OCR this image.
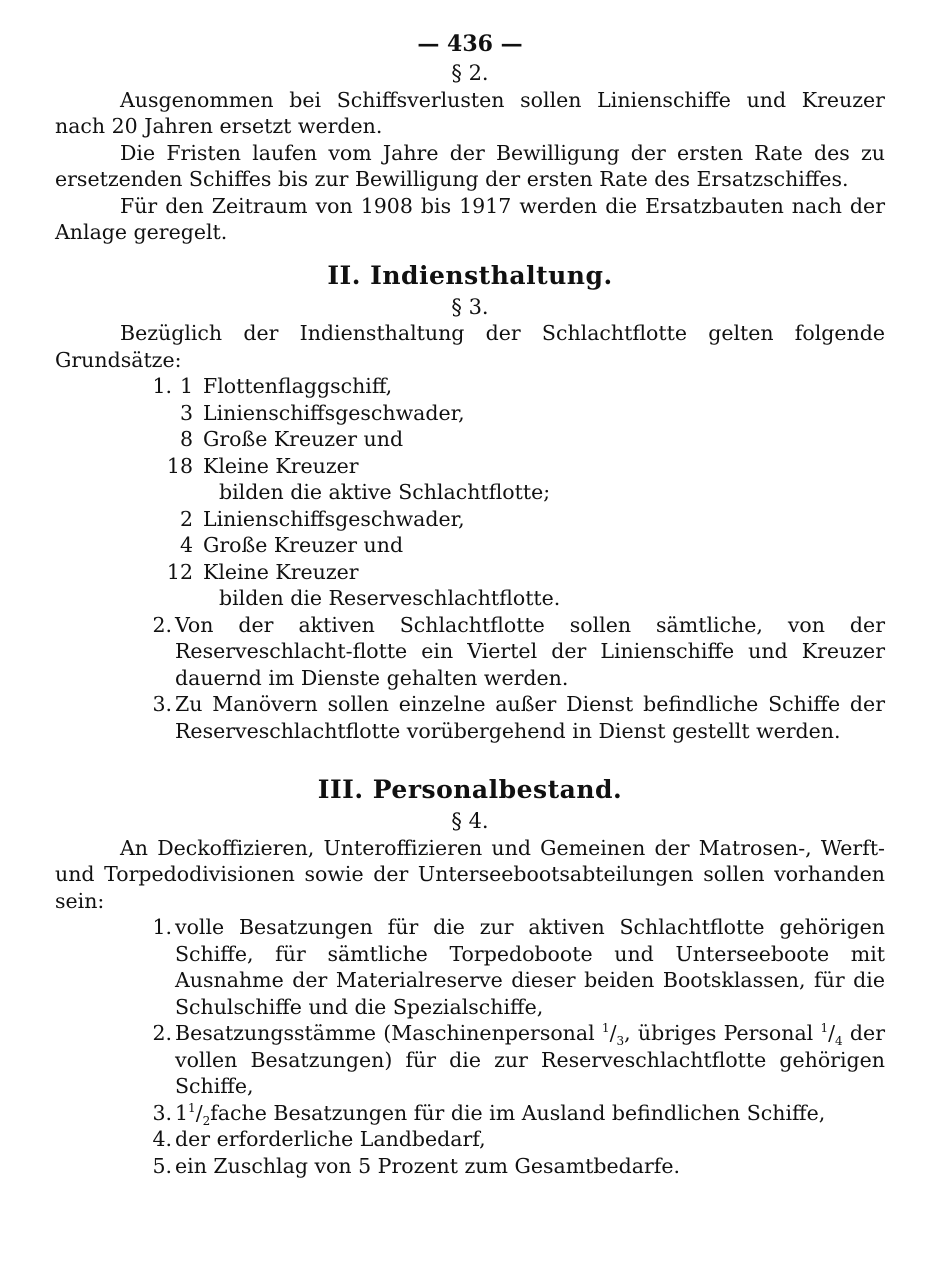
— 436 —
§ 2.
Ausgenommen bei Schiffsverlusten sollen Linienschiffe und Kreuzer nach 20 Jahren ersetzt werden.
Die Fristen laufen vom Jahre der Bewilligung der ersten Rate des zu ersetzenden Schiffes bis zur Bewilligung der ersten Rate des Ersatzschiffes.
Für den Zeitraum von 1908 bis 1917 werden die Ersatzbauten nach der Anlage geregelt.
II. Indiensthaltung.
§ 3.
Bezüglich der Indiensthaltung der Schlachtflotte gelten folgende Grundsätze:
1. 1 Flottenflaggschiff,
3 Linienschiffsgeschwader,
8 Große Kreuzer und
18 Kleine Kreuzer
bilden die aktive Schlachtflotte;
2 Linienschiffsgeschwader,
4 Große Kreuzer und
12 Kleine Kreuzer
bilden die Reserveschlachtflotte.
2. Von der aktiven Schlachtflotte sollen sämtliche, von der Reserveschlacht-flotte ein Viertel der Linienschiffe und Kreuzer dauernd im Dienste gehalten werden.
3. Zu Manövern sollen einzelne außer Dienst befindliche Schiffe der Reserveschlachtflotte vorübergehend in Dienst gestellt werden.
III. Personalbestand.
§ 4.
An Deckoffizieren, Unteroffizieren und Gemeinen der Matrosen-, Werft- und Torpedodivisionen sowie der Unterseebootsabteilungen sollen vorhanden sein:
1. volle Besatzungen für die zur aktiven Schlachtflotte gehörigen Schiffe, für sämtliche Torpedoboote und Unterseeboote mit Ausnahme der Materialreserve dieser beiden Bootsklassen, für die Schulschiffe und die Spezialschiffe,
2. Besatzungsstämme (Maschinenpersonal $^1/_3$, übriges Personal $^1/_4$ der vollen Besatzungen) für die zur Reserveschlachtflotte gehörigen Schiffe,
3. $1^1/_2fache$ Besatzungen für die im Ausland befindlichen Schiffe,
4. der erforderliche Landbedarf,
5. ein Zuschlag von 5 Prozent zum Gesamtbedarfe.
